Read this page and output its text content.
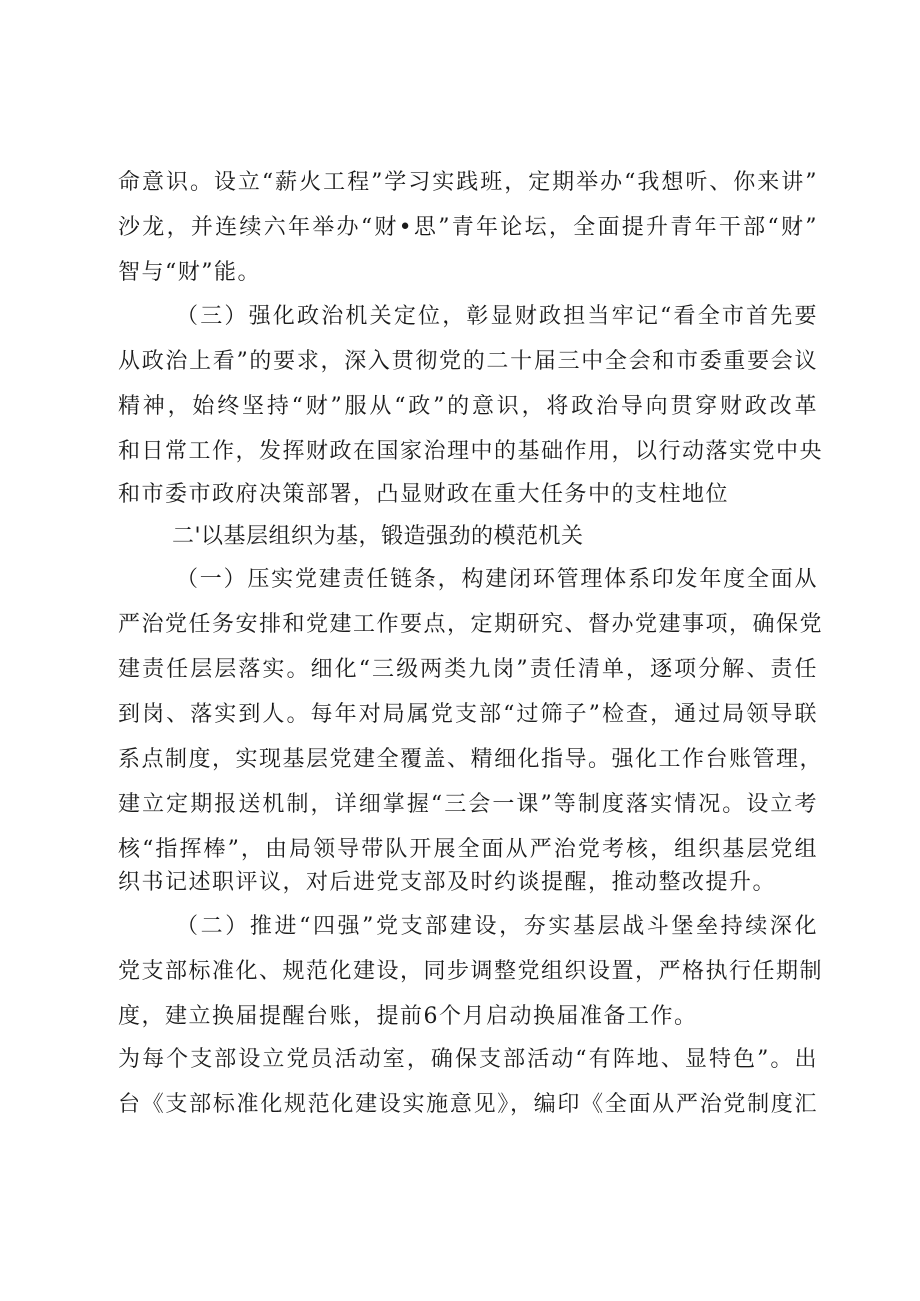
命意识。设立“薪火工程”学习实践班，定期举办“我想听、你来讲”
沙龙，并连续六年举办“财•思”青年论坛，全面提升青年干部“财”
智与“财”能。
（三）强化政治机关定位，彰显财政担当牢记“看全市首先要
从政治上看”的要求，深入贯彻党的二十届三中全会和市委重要会议
精神，始终坚持“财”服从“政”的意识，将政治导向贯穿财政改革
和日常工作，发挥财政在国家治理中的基础作用，以行动落实党中央
和市委市政府决策部署，凸显财政在重大任务中的支柱地位
二'以基层组织为基，锻造强劲的模范机关
（一）压实党建责任链条，构建闭环管理体系印发年度全面从
严治党任务安排和党建工作要点，定期研究、督办党建事项，确保党
建责任层层落实。细化“三级两类九岗”责任清单，逐项分解、责任
到岗、落实到人。每年对局属党支部“过筛子”检查，通过局领导联
系点制度，实现基层党建全覆盖、精细化指导。强化工作台账管理，
建立定期报送机制，详细掌握“三会一课”等制度落实情况。设立考
核“指挥棒”，由局领导带队开展全面从严治党考核，组织基层党组
织书记述职评议，对后进党支部及时约谈提醒，推动整改提升。
（二）推进“四强”党支部建设，夯实基层战斗堡垒持续深化
党支部标准化、规范化建设，同步调整党组织设置，严格执行任期制
度，建立换届提醒台账，提前6个月启动换届准备工作。
为每个支部设立党员活动室，确保支部活动“有阵地、显特色”。出
台《支部标准化规范化建设实施意见》，编印《全面从严治党制度汇
